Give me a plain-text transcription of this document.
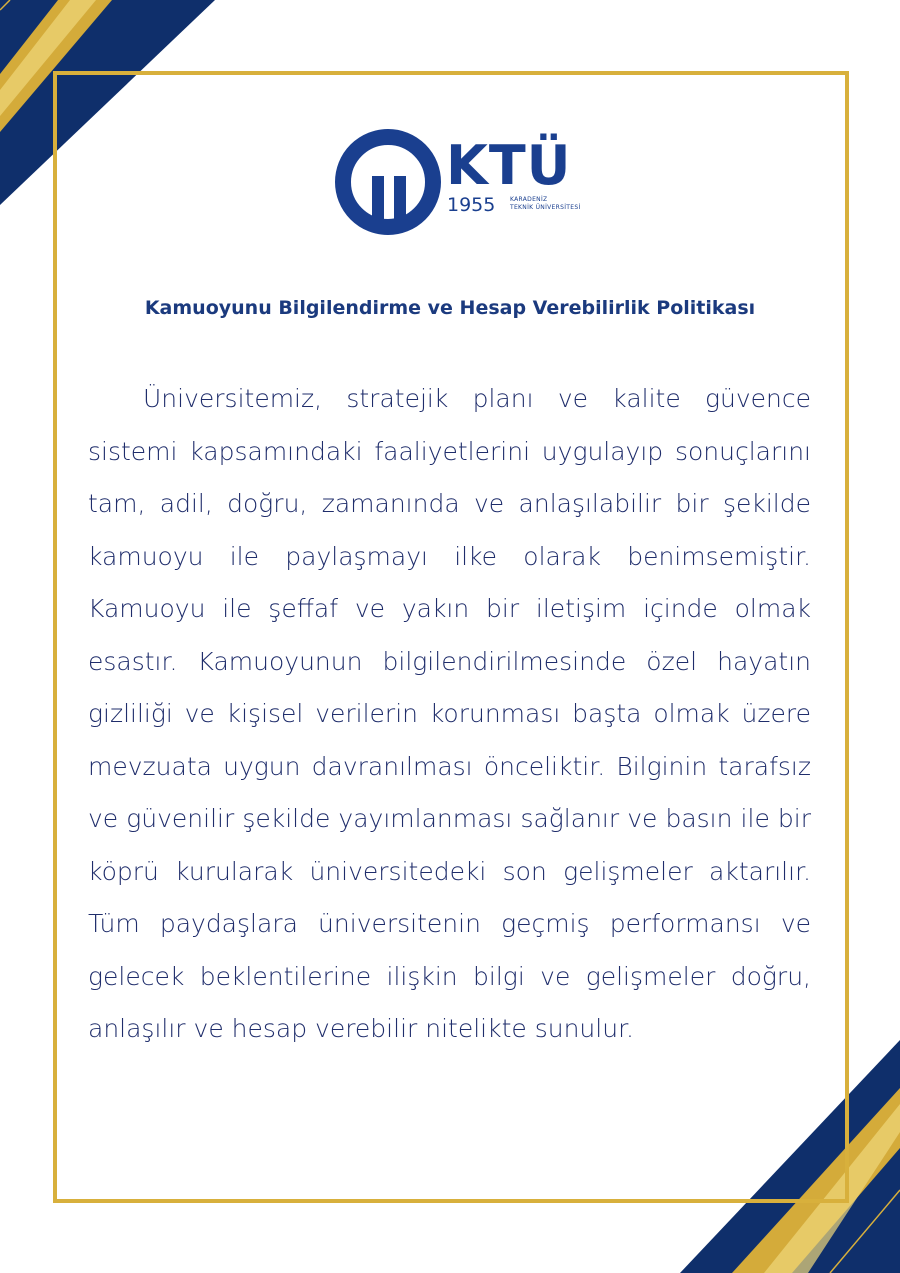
KTÜ
1955 KARADENİZ
TEKNİK ÜNİVERSİTESİ
Kamuoyunu Bilgilendirme ve Hesap Verebilirlik Politikası

Üniversitemiz, stratejik planı ve kalite güvence sistemi kapsamındaki faaliyetlerini uygulayıp sonuçlarını tam, adil, doğru, zamanında ve anlaşılabilir bir şekilde kamuoyu ile paylaşmayı ilke olarak benimsemiştir. Kamuoyu ile şeffaf ve yakın bir iletişim içinde olmak esastır. Kamuoyunun bilgilendirilmesinde özel hayatın gizliliği ve kişisel verilerin korunması başta olmak üzere mevzuata uygun davranılması önceliktir. Bilginin tarafsız ve güvenilir şekilde yayımlanması sağlanır ve basın ile bir köprü kurularak üniversitedeki son gelişmeler aktarılır. Tüm paydaşlara üniversitenin geçmiş performansı ve gelecek beklentilerine ilişkin bilgi ve gelişmeler doğru, anlaşılır ve hesap verebilir nitelikte sunulur.
